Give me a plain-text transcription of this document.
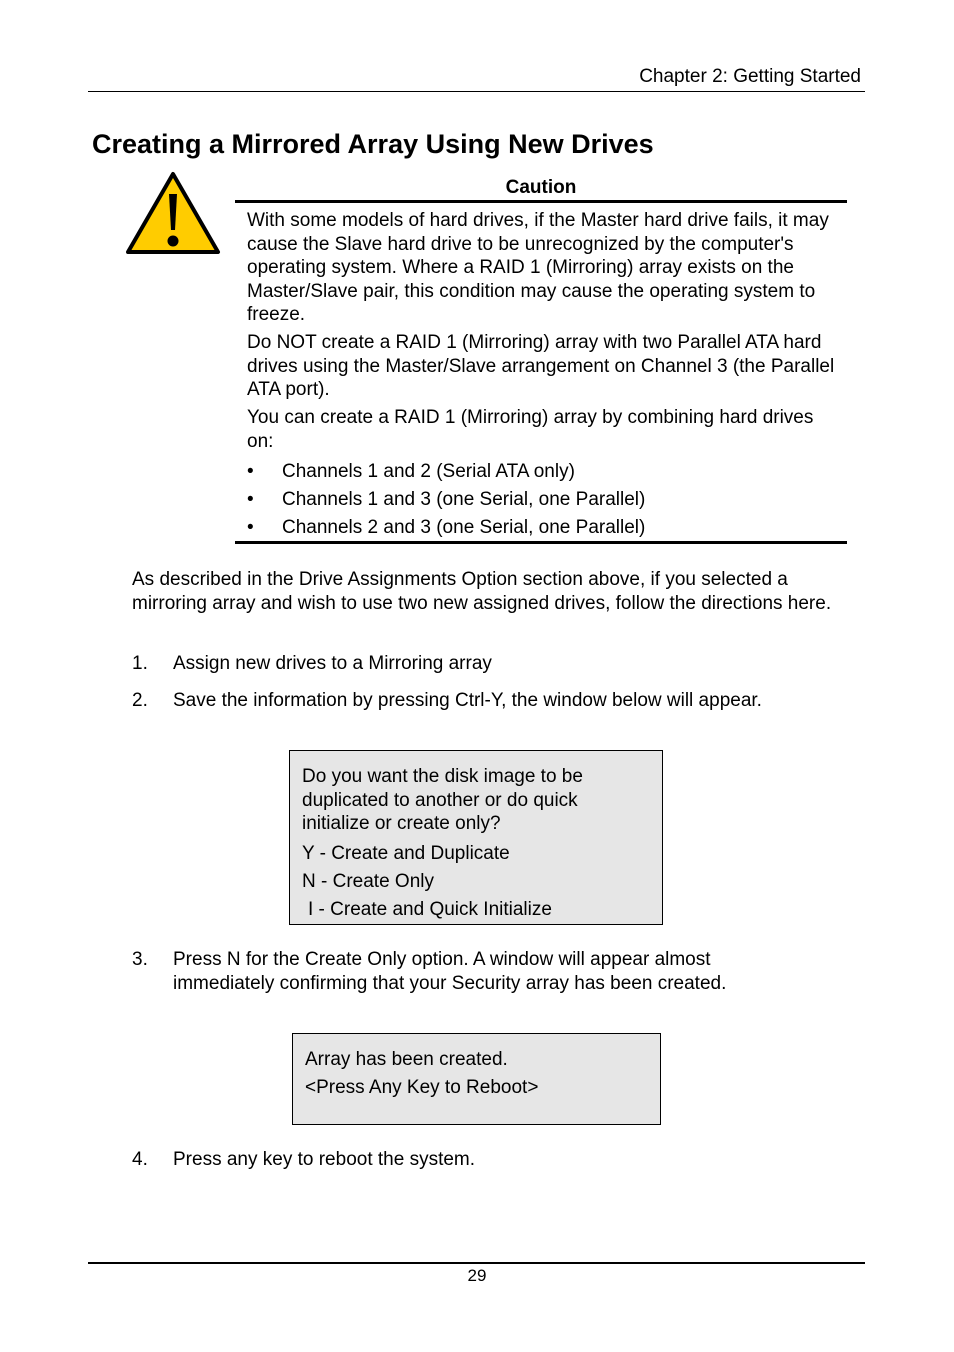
Chapter 2: Getting Started
Creating a Mirrored Array Using New Drives
Caution

With some models of hard drives, if the Master hard drive fails, it may cause the Slave hard drive to be unrecognized by the computer's operating system. Where a RAID 1 (Mirroring) array exists on the Master/Slave pair, this condition may cause the operating system to freeze.

Do NOT create a RAID 1 (Mirroring) array with two Parallel ATA hard drives using the Master/Slave arrangement on Channel 3 (the Parallel ATA port).

You can create a RAID 1 (Mirroring) array by combining hard drives on:

•	Channels 1 and 2 (Serial ATA only)
•	Channels 1 and 3 (one Serial, one Parallel)
•	Channels 2 and 3 (one Serial, one Parallel)
As described in the Drive Assignments Option section above, if you selected a mirroring array and wish to use two new assigned drives, follow the directions here.
1.	Assign new drives to a Mirroring array
2.	Save the information by pressing Ctrl-Y, the window below will appear.
Do you want the disk image to be duplicated to another or do quick initialize or create only?
Y - Create and Duplicate
N - Create Only
I - Create and Quick Initialize
3.	Press N for the Create Only option. A window will appear almost immediately confirming that your Security array has been created.
Array has been created.
<Press Any Key to Reboot>
4.	Press any key to reboot the system.
29
